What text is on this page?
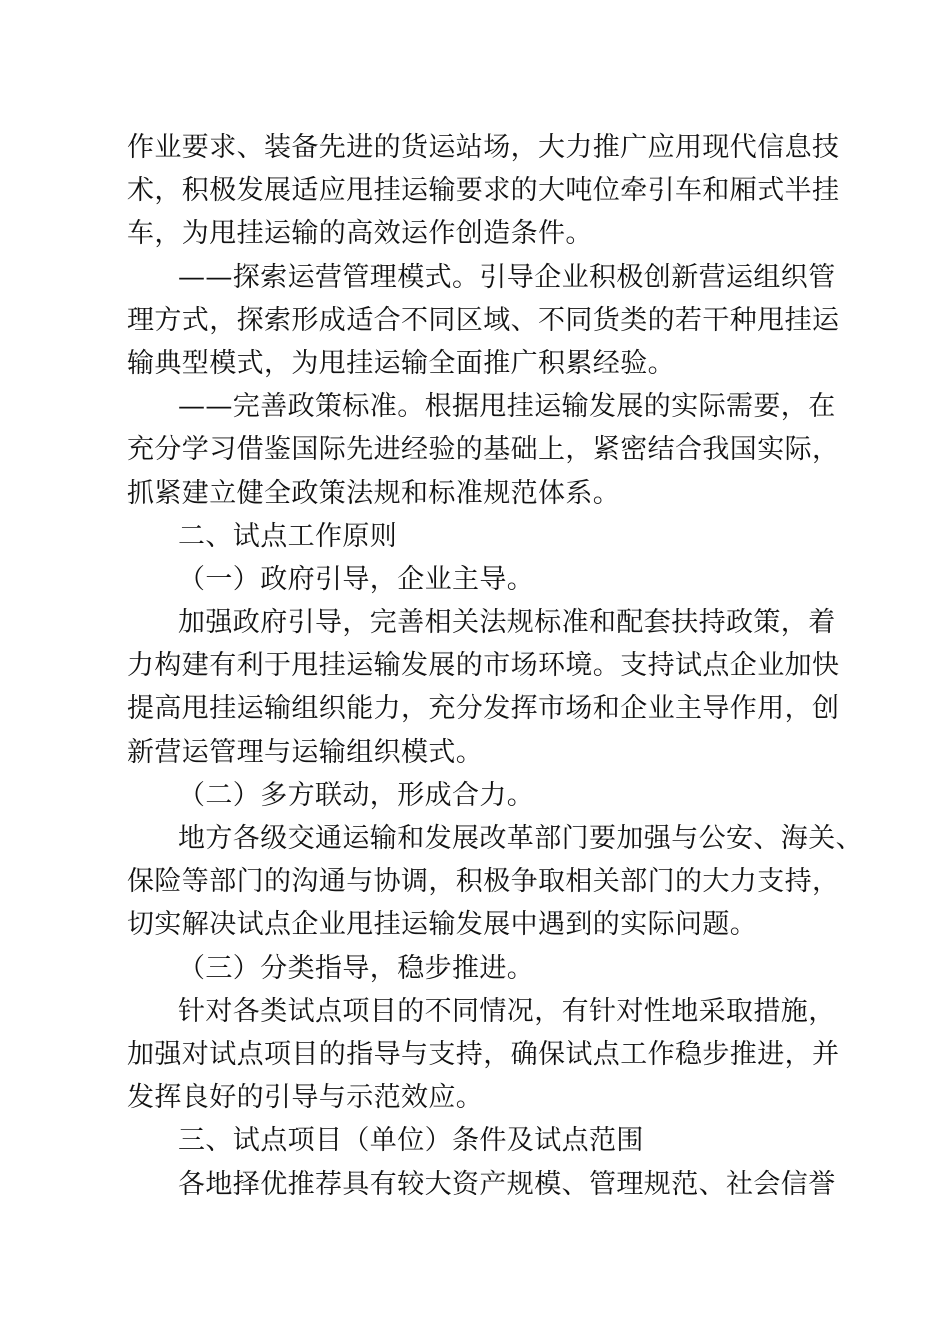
作业要求、装备先进的货运站场，大力推广应用现代信息技
术，积极发展适应甩挂运输要求的大吨位牵引车和厢式半挂
车，为甩挂运输的高效运作创造条件。
——探索运营管理模式。引导企业积极创新营运组织管
理方式，探索形成适合不同区域、不同货类的若干种甩挂运
输典型模式，为甩挂运输全面推广积累经验。
——完善政策标准。根据甩挂运输发展的实际需要，在
充分学习借鉴国际先进经验的基础上，紧密结合我国实际，
抓紧建立健全政策法规和标准规范体系。
二、试点工作原则
（一）政府引导，企业主导。
加强政府引导，完善相关法规标准和配套扶持政策，着
力构建有利于甩挂运输发展的市场环境。支持试点企业加快
提高甩挂运输组织能力，充分发挥市场和企业主导作用，创
新营运管理与运输组织模式。
（二）多方联动，形成合力。
地方各级交通运输和发展改革部门要加强与公安、海关、
保险等部门的沟通与协调，积极争取相关部门的大力支持，
切实解决试点企业甩挂运输发展中遇到的实际问题。
（三）分类指导，稳步推进。
针对各类试点项目的不同情况，有针对性地采取措施，
加强对试点项目的指导与支持，确保试点工作稳步推进，并
发挥良好的引导与示范效应。
三、试点项目（单位）条件及试点范围
各地择优推荐具有较大资产规模、管理规范、社会信誉
